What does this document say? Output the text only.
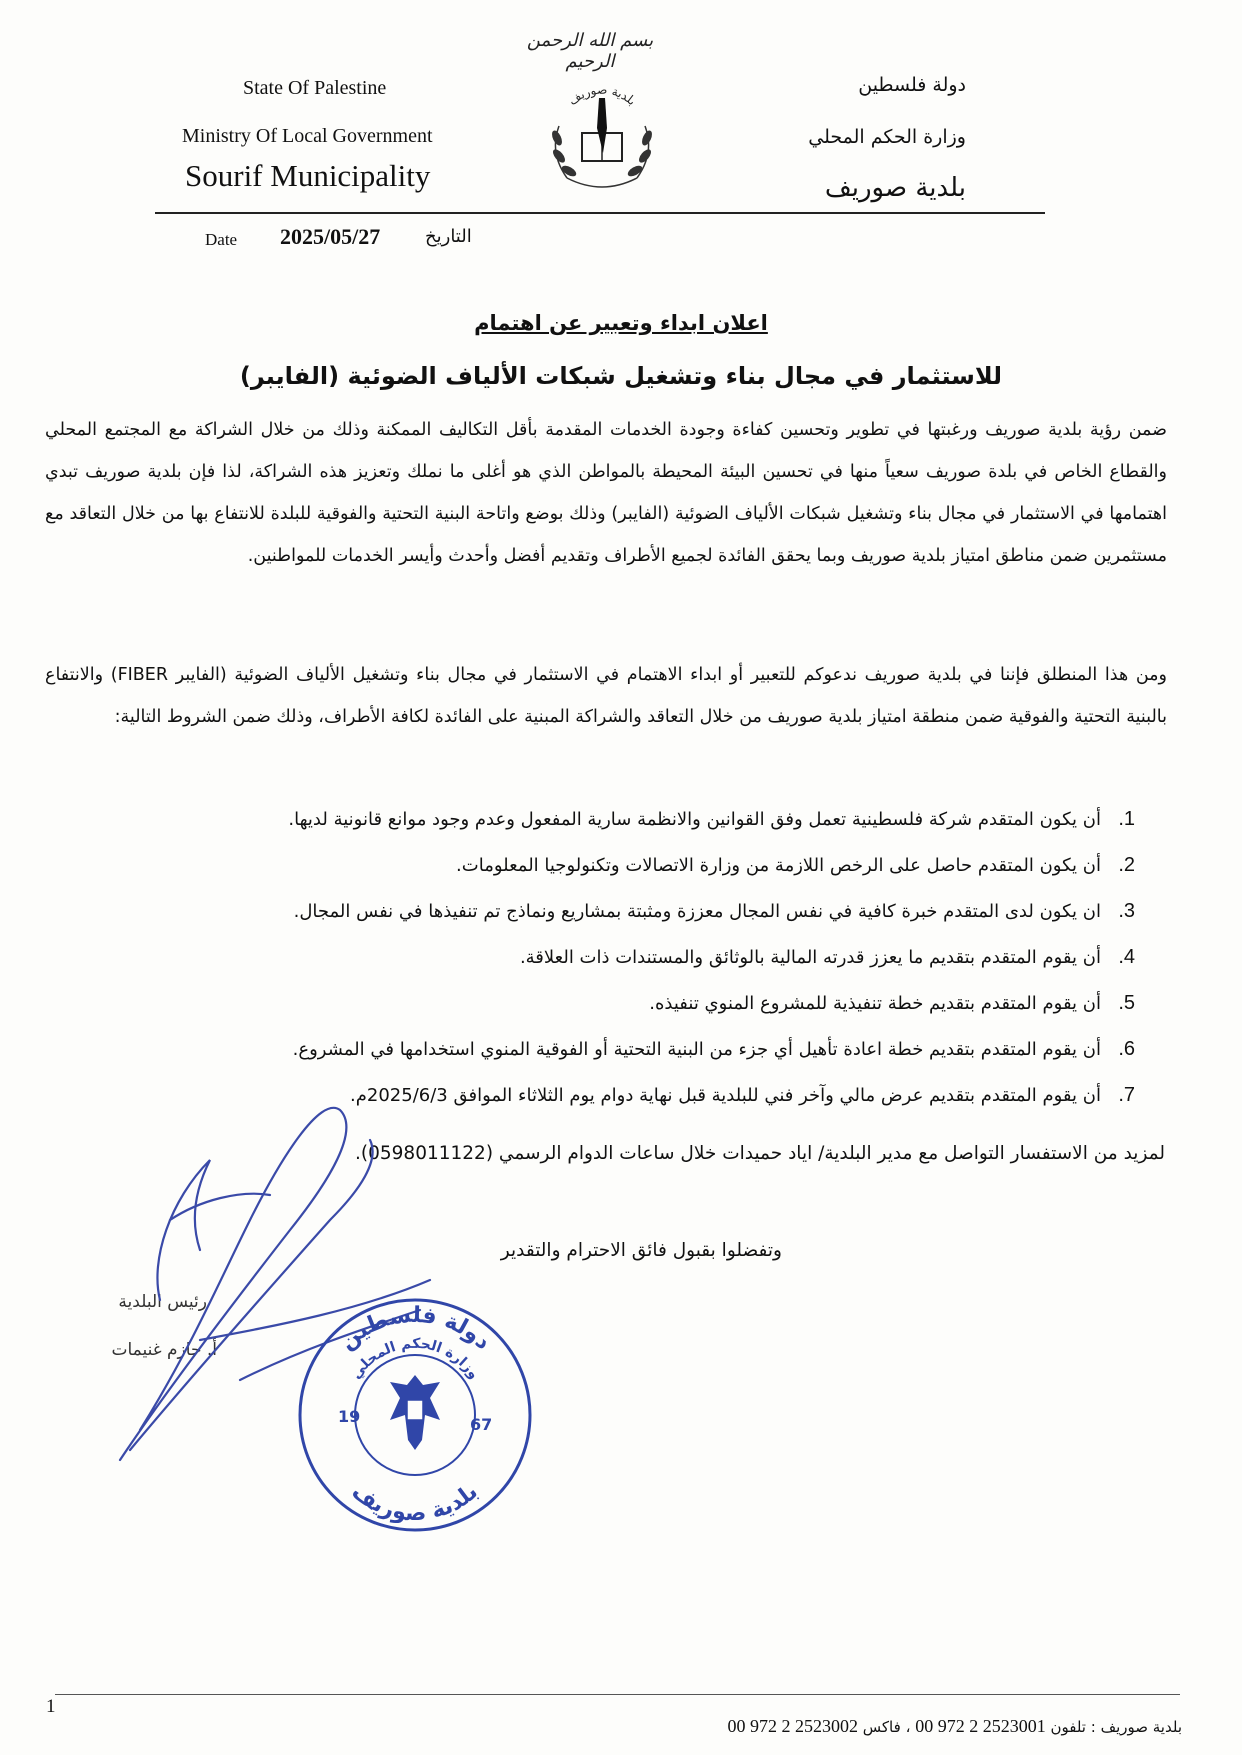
بسم الله الرحمن الرحيم
State Of Palestine
Ministry Of Local Government
Sourif Municipality
دولة فلسطين
وزارة الحكم المحلي
بلدية صوريف
بلدية صوريف
Date 2025/05/27 التاريخ
اعلان ابداء وتعبير عن اهتمام
للاستثمار في مجال بناء وتشغيل شبكات الألياف الضوئية (الفايبر)
ضمن رؤية بلدية صوريف ورغبتها في تطوير وتحسين كفاءة وجودة الخدمات المقدمة بأقل التكاليف الممكنة وذلك من خلال الشراكة مع المجتمع المحلي والقطاع الخاص في بلدة صوريف سعياً منها في تحسين البيئة المحيطة بالمواطن الذي هو أغلى ما نملك وتعزيز هذه الشراكة، لذا فإن بلدية صوريف تبدي اهتمامها في الاستثمار في مجال بناء وتشغيل شبكات الألياف الضوئية (الفايبر) وذلك بوضع واتاحة البنية التحتية والفوقية للبلدة للانتفاع بها من خلال التعاقد مع مستثمرين ضمن مناطق امتياز بلدية صوريف وبما يحقق الفائدة لجميع الأطراف وتقديم أفضل وأحدث وأيسر الخدمات للمواطنين.
ومن هذا المنطلق فإننا في بلدية صوريف ندعوكم للتعبير أو ابداء الاهتمام في الاستثمار في مجال بناء وتشغيل الألياف الضوئية (الفايبر FIBER) والانتفاع بالبنية التحتية والفوقية ضمن منطقة امتياز بلدية صوريف من خلال التعاقد والشراكة المبنية على الفائدة لكافة الأطراف، وذلك ضمن الشروط التالية:
1.أن يكون المتقدم شركة فلسطينية تعمل وفق القوانين والانظمة سارية المفعول وعدم وجود موانع قانونية لديها.
2.أن يكون المتقدم حاصل على الرخص اللازمة من وزارة الاتصالات وتكنولوجيا المعلومات.
3.ان يكون لدى المتقدم خبرة كافية في نفس المجال معززة ومثبتة بمشاريع ونماذج تم تنفيذها في نفس المجال.
4.أن يقوم المتقدم بتقديم ما يعزز قدرته المالية بالوثائق والمستندات ذات العلاقة.
5.أن يقوم المتقدم بتقديم خطة تنفيذية للمشروع المنوي تنفيذه.
6.أن يقوم المتقدم بتقديم خطة اعادة تأهيل أي جزء من البنية التحتية أو الفوقية المنوي استخدامها في المشروع.
7.أن يقوم المتقدم بتقديم عرض مالي وآخر فني للبلدية قبل نهاية دوام يوم الثلاثاء الموافق 2025/6/3م.
لمزيد من الاستفسار التواصل مع مدير البلدية/ اياد حميدات خلال ساعات الدوام الرسمي (0598011122).
وتفضلوا بقبول فائق الاحترام والتقدير
رئيس البلدية
أ. حازم غنيمات	دولة فلسطين
وزارة الحكم المحلي
بلدية صوريف
19	67
1
بلدية صوريف : تلفون 00 972 2 2523001 ، فاكس 00 972 2 2523002
